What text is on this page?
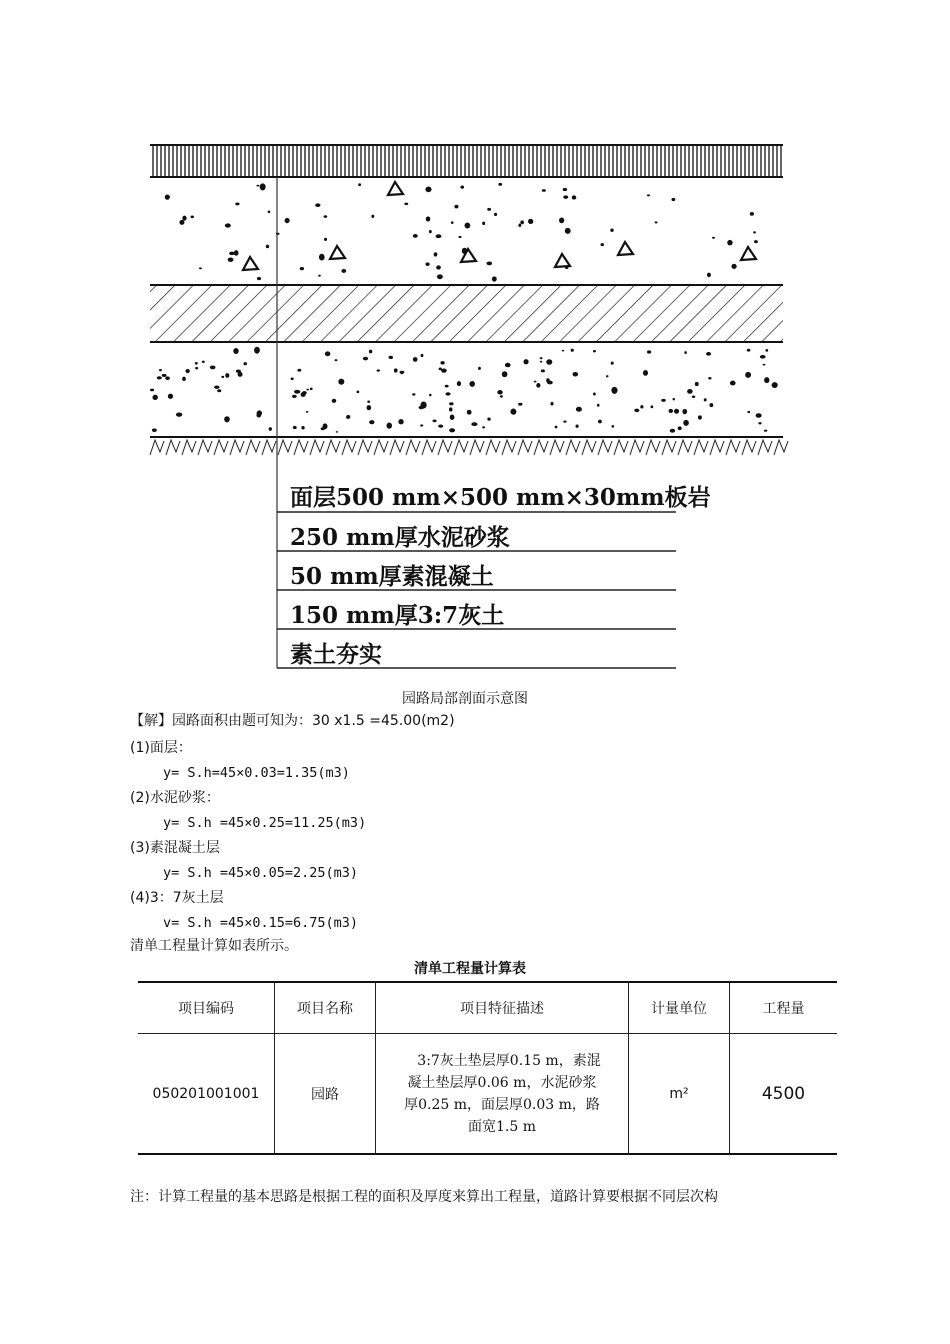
面层500 mm×500 mm×30mm板岩
250 mm厚水泥砂浆
50 mm厚素混凝土
150 mm厚3:7灰土
素土夯实
园路局部剖面示意图
【解】园路面积由题可知为：30 x1.5 =45.00(m2)
(1)面层：
y= S.h=45×0.03=1.35(m3)
(2)水泥砂浆：
y= S.h =45×0.25=11.25(m3)
(3)素混凝土层
y= S.h =45×0.05=2.25(m3)
(4)3：7灰土层
v= S.h =45×0.15=6.75(m3)
清单工程量计算如表所示。
清单工程量计算表
项目编码	项目名称	项目特征描述	计量单位	工程量
050201001001	园路	3:7灰土垫层厚0.15 m，素混
凝土垫层厚0.06 m，水泥砂浆
厚0.25 m，面层厚0.03 m，路
面宽1.5 m	m²	4500
注：计算工程量的基本思路是根据工程的面积及厚度来算出工程量，道路计算要根据不同层次构
